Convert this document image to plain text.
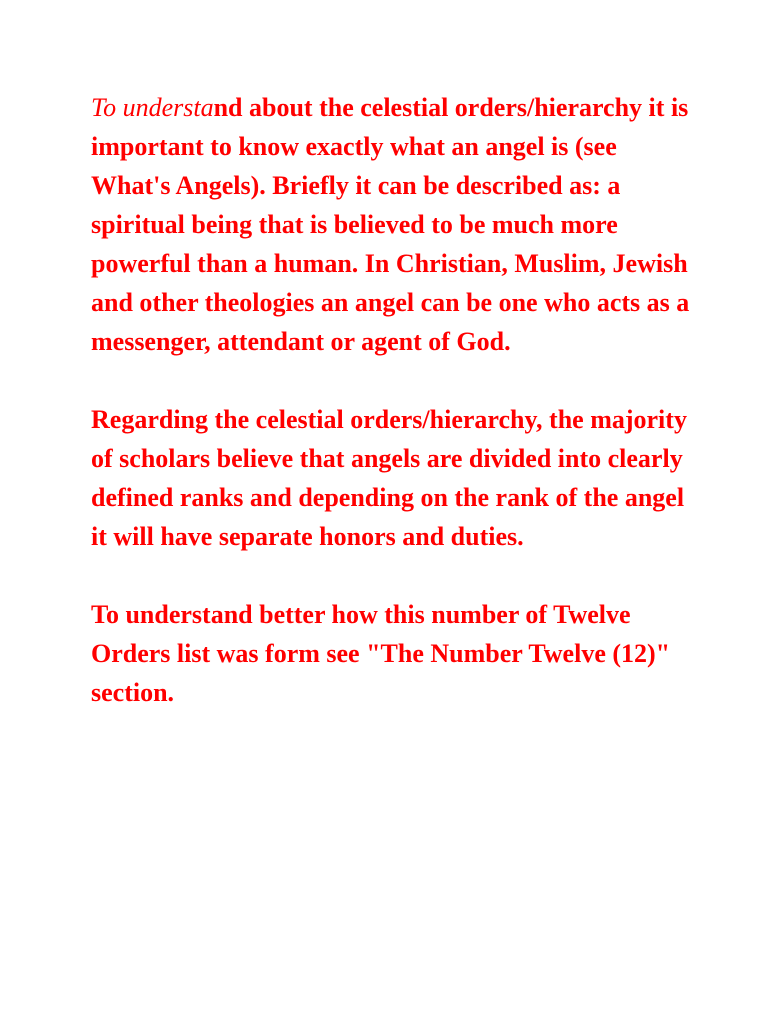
To understand about the celestial orders/hierarchy it is important to know exactly what an angel is (see What's Angels). Briefly it can be described as: a spiritual being that is believed to be much more powerful than a human. In Christian, Muslim, Jewish and other theologies an angel can be one who acts as a messenger, attendant or agent of God.

Regarding the celestial orders/hierarchy, the majority of scholars believe that angels are divided into clearly defined ranks and depending on the rank of the angel it will have separate honors and duties.

To understand better how this number of Twelve Orders list was form see "The Number Twelve (12)" section.
